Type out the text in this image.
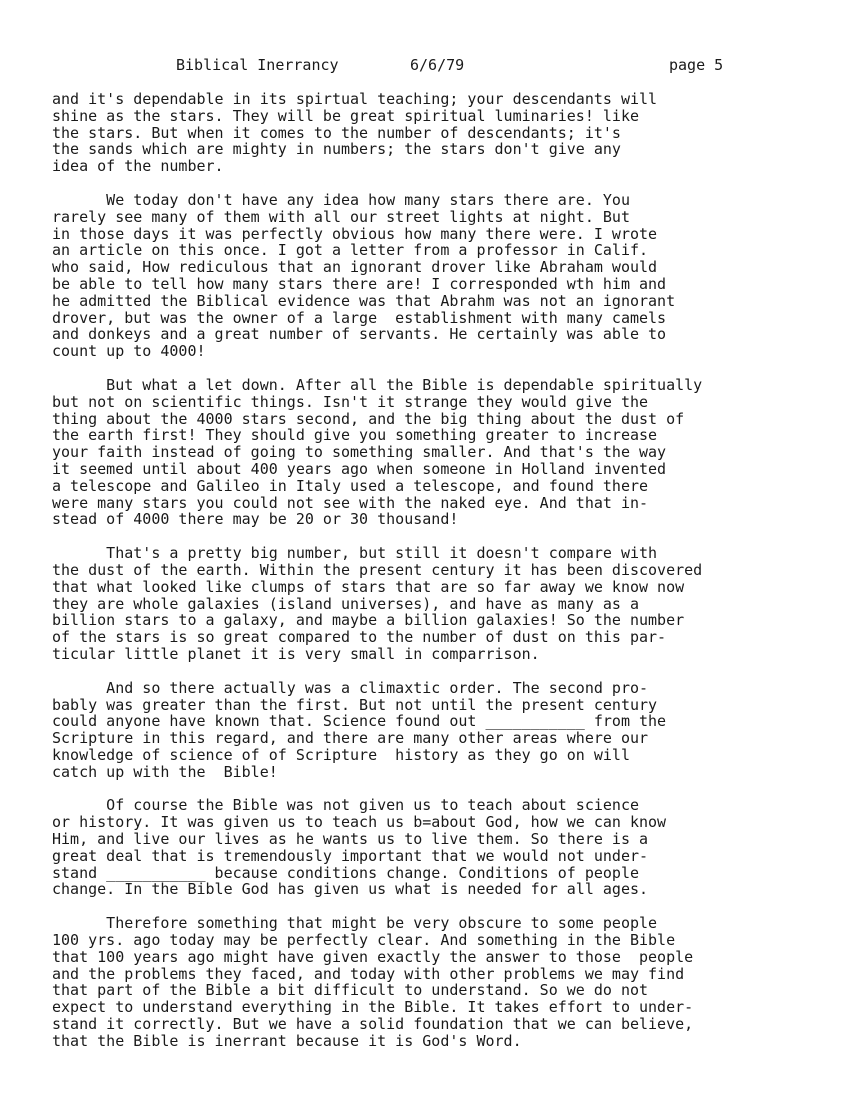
Biblical Inerrancy	6/6/79	page 5
and it's dependable in its spirtual teaching; your descendants will
shine as the stars. They will be great spiritual luminaries! like
the stars. But when it comes to the number of descendants; it's
the sands which are mighty in numbers; the stars don't give any
idea of the number.
We today don't have any idea how many stars there are. You
rarely see many of them with all our street lights at night. But
in those days it was perfectly obvious how many there were. I wrote
an article on this once. I got a letter from a professor in Calif.
who said, How rediculous that an ignorant drover like Abraham would
be able to tell how many stars there are! I corresponded wth him and
he admitted the Biblical evidence was that Abrahm was not an ignorant
drover, but was the owner of a large  establishment with many camels
and donkeys and a great number of servants. He certainly was able to
count up to 4000!
But what a let down. After all the Bible is dependable spiritually
but not on scientific things. Isn't it strange they would give the
thing about the 4000 stars second, and the big thing about the dust of
the earth first! They should give you something greater to increase
your faith instead of going to something smaller. And that's the way
it seemed until about 400 years ago when someone in Holland invented
a telescope and Galileo in Italy used a telescope, and found there
were many stars you could not see with the naked eye. And that in-
stead of 4000 there may be 20 or 30 thousand!
That's a pretty big number, but still it doesn't compare with
the dust of the earth. Within the present century it has been discovered
that what looked like clumps of stars that are so far away we know now
they are whole galaxies (island universes), and have as many as a
billion stars to a galaxy, and maybe a billion galaxies! So the number
of the stars is so great compared to the number of dust on this par-
ticular little planet it is very small in comparrison.
And so there actually was a climaxtic order. The second pro-
bably was greater than the first. But not until the present century
could anyone have known that. Science found out ___________ from the
Scripture in this regard, and there are many other areas where our
knowledge of science of of Scripture  history as they go on will
catch up with the  Bible!
Of course the Bible was not given us to teach about science
or history. It was given us to teach us b=about God, how we can know
Him, and live our lives as he wants us to live them. So there is a
great deal that is tremendously important that we would not under-
stand ___________ because conditions change. Conditions of people
change. In the Bible God has given us what is needed for all ages.
Therefore something that might be very obscure to some people
100 yrs. ago today may be perfectly clear. And something in the Bible
that 100 years ago might have given exactly the answer to those  people
and the problems they faced, and today with other problems we may find
that part of the Bible a bit difficult to understand. So we do not
expect to understand everything in the Bible. It takes effort to under-
stand it correctly. But we have a solid foundation that we can believe,
that the Bible is inerrant because it is God's Word.
